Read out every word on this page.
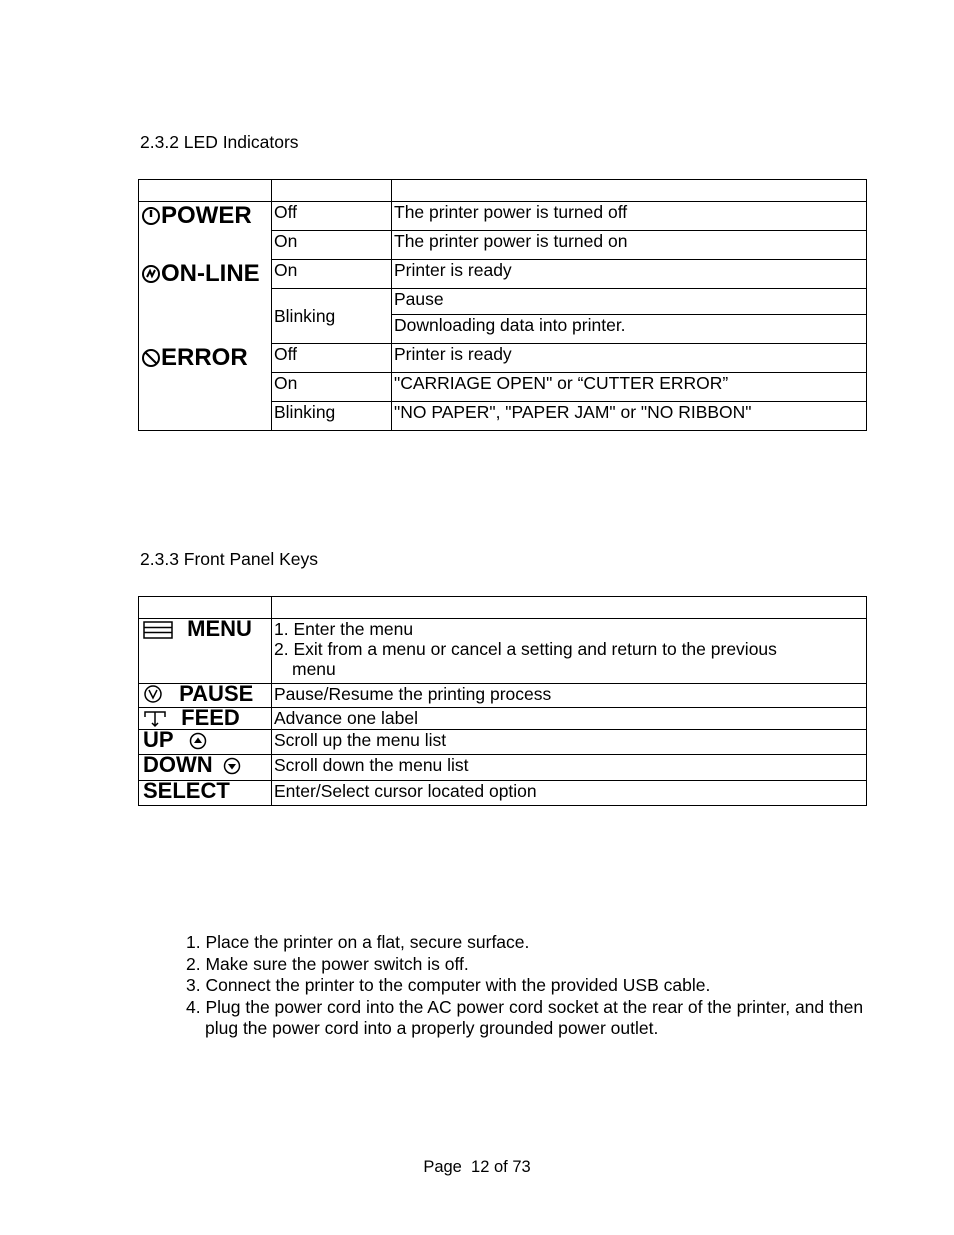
2.3.2 LED Indicators

POWER	Off	The printer power is turned off
	On	The printer power is turned on
ON-LINE	On	Printer is ready
	Blinking	Pause
		Downloading data into printer.
ERROR	Off	Printer is ready
	On	"CARRIAGE OPEN" or “CUTTER ERROR”
	Blinking	"NO PAPER", "PAPER JAM" or "NO RIBBON"
2.3.3 Front Panel Keys

MENU	1. Enter the menu
2. Exit from a menu or cancel a setting and return to the previous
menu

PAUSE	Pause/Resume the printing process
FEED	Advance one label
UP	Scroll up the menu list
DOWN	Scroll down the menu list
SELECT	Enter/Select cursor located option
1. Place the printer on a flat, secure surface.
2. Make sure the power switch is off.
3. Connect the printer to the computer with the provided USB cable.
4. Plug the power cord into the AC power cord socket at the rear of the printer, and then plug the power cord into a properly grounded power outlet.
Page  12 of 73
